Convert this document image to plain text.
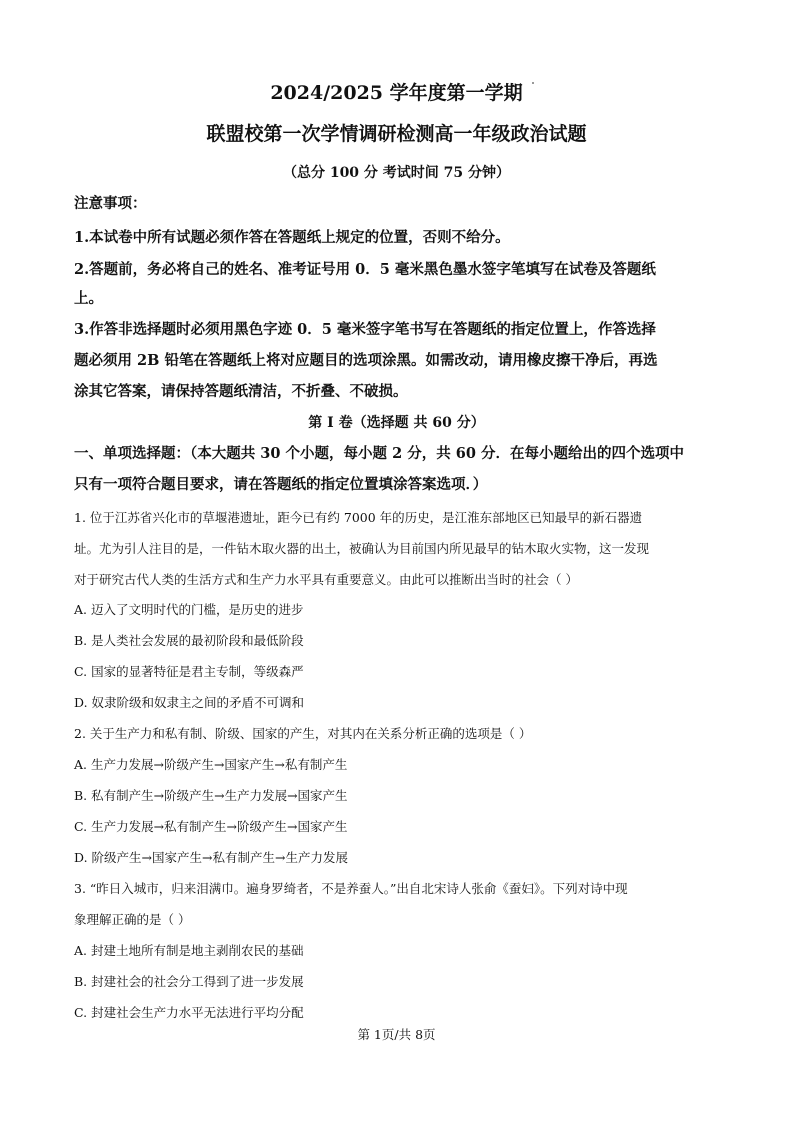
2024/2025 学年度第一学期
联盟校第一次学情调研检测高一年级政治试题
（总分 100 分 考试时间 75 分钟）
注意事项：
1.本试卷中所有试题必须作答在答题纸上规定的位置，否则不给分。
2.答题前，务必将自己的姓名、准考证号用 0．5 毫米黑色墨水签字笔填写在试卷及答题纸
上。
3.作答非选择题时必须用黑色字迹 0．5 毫米签字笔书写在答题纸的指定位置上，作答选择
题必须用 2B 铅笔在答题纸上将对应题目的选项涂黑。如需改动，请用橡皮擦干净后，再选
涂其它答案，请保持答题纸清洁，不折叠、不破损。
第 I 卷（选择题 共 60 分）
一、单项选择题：（本大题共 30 个小题，每小题 2 分，共 60 分．在每小题给出的四个选项中
只有一项符合题目要求，请在答题纸的指定位置填涂答案选项．）
1. 位于江苏省兴化市的草堰港遗址，距今已有约 7000 年的历史，是江淮东部地区已知最早的新石器遗
址。尤为引人注目的是，一件钻木取火器的出土，被确认为目前国内所见最早的钻木取火实物，这一发现
对于研究古代人类的生活方式和生产力水平具有重要意义。由此可以推断出当时的社会（ ）
A. 迈入了文明时代的门槛，是历史的进步
B. 是人类社会发展的最初阶段和最低阶段
C. 国家的显著特征是君主专制，等级森严
D. 奴隶阶级和奴隶主之间的矛盾不可调和
2. 关于生产力和私有制、阶级、国家的产生，对其内在关系分析正确的选项是（ ）
A. 生产力发展→阶级产生→国家产生→私有制产生
B. 私有制产生→阶级产生→生产力发展→国家产生
C. 生产力发展→私有制产生→阶级产生→国家产生
D. 阶级产生→国家产生→私有制产生→生产力发展
3. “昨日入城市，归来泪满巾。遍身罗绮者，不是养蚕人。”出自北宋诗人张俞《蚕妇》。下列对诗中现
象理解正确的是（ ）
A. 封建土地所有制是地主剥削农民的基础
B. 封建社会的社会分工得到了进一步发展
C. 封建社会生产力水平无法进行平均分配
第 1页/共 8页
